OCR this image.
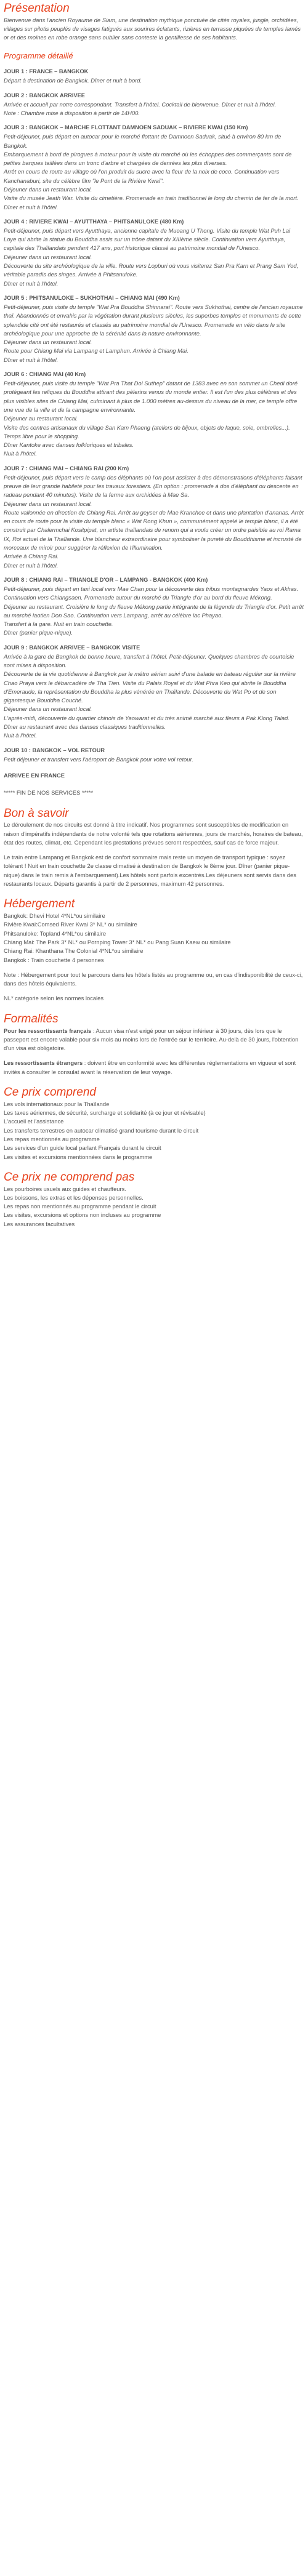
Présentation

Bienvenue dans l'ancien Royaume de Siam, une destination mythique ponctuée de cités royales, jungle, orchidées, villages sur pilotis peuplés de visages fatigués aux sourires éclatants, rizières en terrasse piquées de temples lamés or et des moines en robe orange sans oublier sans conteste la gentillesse de ses habitants.

Programme détaillé
JOUR 1 : FRANCE – BANGKOK
Départ à destination de Bangkok. Dîner et nuit à bord.
JOUR 2 : BANGKOK ARRIVEE
Arrivée et accueil par notre correspondant. Transfert à l'hôtel. Cocktail de bienvenue. Dîner et nuit à l'hôtel.
Note : Chambre mise à disposition à partir de 14H00.
JOUR 3 : BANGKOK – MARCHE FLOTTANT DAMNOEN SADUAK – RIVIERE KWAI (150 Km)
Petit-déjeuner, puis départ en autocar pour le marché flottant de Damnoen Saduak, situé à environ 80 km de Bangkok.
Embarquement à bord de pirogues à moteur pour la visite du marché où les échoppes des commerçants sont de petites barques taillées dans un tronc d'arbre et chargées de denrées les plus diverses.
Arrêt en cours de route au village où l'on produit du sucre avec la fleur de la noix de coco. Continuation vers Kanchanaburi, site du célèbre film "le Pont de la Rivière Kwaï".
Déjeuner dans un restaurant local.
Visite du musée Jeath War. Visite du cimetière. Promenade en train traditionnel le long du chemin de fer de la mort.
Dîner et nuit à l'hôtel.
JOUR 4 : RIVIERE KWAI – AYUTTHAYA – PHITSANULOKE (480 Km)
Petit-déjeuner, puis départ vers Ayutthaya, ancienne capitale de Muoang U Thong. Visite du temple Wat Puh Lai Loye qui abrite la statue du Bouddha assis sur un trône datant du XIIIème siècle. Continuation vers Ayutthaya, capitale des Thaïlandais pendant 417 ans, port historique classé au patrimoine mondial de l'Unesco.
Déjeuner dans un restaurant local.
Découverte du site archéologique de la ville. Route vers Lopburi où vous visiterez San Pra Karn et Prang Sam Yod, véritable paradis des singes. Arrivée à Phitsanuloke.
Dîner et nuit à l'hôtel.
JOUR 5 : PHITSANULOKE – SUKHOTHAI – CHIANG MAI (490 Km)
Petit-déjeuner, puis visite du temple "Wat Pra Bouddha Shinnarai". Route vers Sukhothai, centre de l'ancien royaume thaï. Abandonnés et envahis par la végétation durant plusieurs siècles, les superbes temples et monuments de cette splendide cité ont été restaurés et classés au patrimoine mondial de l'Unesco. Promenade en vélo dans le site archéologique pour une approche de la sérénité dans la nature environnante.
Déjeuner dans un restaurant local.
Route pour Chiang Mai via Lampang et Lamphun. Arrivée à Chiang Mai.
Dîner et nuit à l'hôtel.
JOUR 6 : CHIANG MAI (40 Km)
Petit-déjeuner, puis visite du temple "Wat Pra That Doi Suthep" datant de 1383 avec en son sommet un Chedi doré protégeant les reliques du Bouddha attirant des pèlerins venus du monde entier. Il est l'un des plus célèbres et des plus visibles sites de Chiang Mai, culminant à plus de 1.000 mètres au-dessus du niveau de la mer, ce temple offre une vue de la ville et de la campagne environnante.
Déjeuner au restaurant local.
Visite des centres artisanaux du village San Kam Phaeng (ateliers de bijoux, objets de laque, soie, ombrelles...). Temps libre pour le shopping.
Dîner Kantoke avec danses folkloriques et tribales.
Nuit à l'hôtel.
JOUR 7 : CHIANG MAI – CHIANG RAI (200 Km)
Petit-déjeuner, puis départ vers le camp des éléphants où l'on peut assister à des démonstrations d'éléphants faisant preuve de leur grande habileté pour les travaux forestiers. (En option : promenade à dos d'éléphant ou descente en radeau pendant 40 minutes). Visite de la ferme aux orchidées à Mae Sa.
Déjeuner dans un restaurant local.
Route vallonnée en direction de Chiang Rai. Arrêt au geyser de Mae Kranchee et dans une plantation d'ananas. Arrêt en cours de route pour la visite du temple blanc « Wat Rong Khun », communément appelé le temple blanc, il a été construit par Chalermchai Kositpipat, un artiste thaïlandais de renom qui a voulu créer un ordre paisible au roi Rama IX, Roi actuel de la Thaïlande. Une blancheur extraordinaire pour symboliser la pureté du Bouddhisme et incrusté de morceaux de miroir pour suggérer la réflexion de l'illumination.
Arrivée à Chiang Rai.
Dîner et nuit à l'hôtel.
JOUR 8 : CHIANG RAI – TRIANGLE D'OR – LAMPANG - BANGKOK (400 Km)
Petit-déjeuner, puis départ en taxi local vers Mae Chan pour la découverte des tribus montagnardes Yaos et Akhas. Continuation vers Chiangsaen. Promenade autour du marché du Triangle d'or au bord du fleuve Mékong.
Déjeuner au restaurant. Croisière le long du fleuve Mékong partie intégrante de la légende du Triangle d'or. Petit arrêt au marché laotien Don Sao. Continuation vers Lampang, arrêt au célèbre lac Phayao.
Transfert à la gare. Nuit en train couchette.
Dîner (panier pique-nique).
JOUR 9 : BANGKOK ARRIVEE – BANGKOK VISITE
Arrivée à la gare de Bangkok de bonne heure, transfert à l'hôtel. Petit-déjeuner. Quelques chambres de courtoisie sont mises à disposition.
Découverte de la vie quotidienne à Bangkok par le métro aérien suivi d'une balade en bateau régulier sur la rivière Chao Praya vers le débarcadère de Tha Tien. Visite du Palais Royal et du Wat Phra Keo qui abrite le Bouddha d'Emeraude, la représentation du Bouddha la plus vénérée en Thaïlande. Découverte du Wat Po et de son gigantesque Bouddha Couché.
Déjeuner dans un restaurant local.
L'après-midi, découverte du quartier chinois de Yaowarat et du très animé marché aux fleurs à Pak Klong Talad.
Dîner au restaurant avec des danses classiques traditionnelles.
Nuit à l'hôtel.
JOUR 10 : BANGKOK – VOL RETOUR
Petit déjeuner et transfert vers l'aéroport de Bangkok pour votre vol retour.
ARRIVEE EN FRANCE
***** FIN DE NOS SERVICES *****
Bon à savoir

Le déroulement de nos circuits est donné à titre indicatif. Nos programmes sont susceptibles de modification en raison d'impératifs indépendants de notre volonté tels que rotations aériennes, jours de marchés, horaires de bateau, état des routes, climat, etc. Cependant les prestations prévues seront respectées, sauf cas de force majeur.

Le train entre Lampang et Bangkok est de confort sommaire mais reste un moyen de transport typique : soyez tolérant ! Nuit en train couchette 2e classe climatisé à destination de Bangkok le 8ème jour. Dîner (panier pique-nique) dans le train remis à l'embarquement).Les hôtels sont parfois excentrés.Les déjeuners sont servis dans des restaurants locaux. Départs garantis à partir de 2 personnes, maximum 42 personnes.

Hébergement
Bangkok: Dhevi Hotel 4*NL*ou similaire
Rivière Kwai:Comsed River Kwai 3* NL* ou similaire
Phitsanuloke: Topland 4*NL*ou similaire
Chiang Mai: The Park 3* NL* ou Pornping Tower 3* NL* ou Pang Suan Kaew ou similaire
Chiang Rai: Khanthana The Colonial 4*NL*ou similaire
Bangkok : Train couchette 4 personnes

Note : Hébergement pour tout le parcours dans les hôtels listés au programme ou, en cas d'indisponibilité de ceux-ci, dans des hôtels équivalents.

NL* catégorie selon les normes locales

Formalités

Pour les ressortissants français : Aucun visa n'est exigé pour un séjour inférieur à 30 jours, dès lors que le passeport est encore valable pour six mois au moins lors de l'entrée sur le territoire. Au-delà de 30 jours, l'obtention d'un visa est obligatoire.

Les ressortissants étrangers : doivent être en conformité avec les différentes réglementations en vigueur et sont invités à consulter le consulat avant la réservation de leur voyage.

Ce prix comprend
Les vols internationaux pour la Thaïlande
Les taxes aériennes, de sécurité, surcharge et solidarité (à ce jour et révisable)
L'accueil et l'assistance
Les transferts terrestres en autocar climatisé grand tourisme durant le circuit
Les repas mentionnés au programme
Les services d'un guide local parlant Français durant le circuit
Les visites et excursions mentionnées dans le programme
Ce prix ne comprend pas
Les pourboires usuels aux guides et chauffeurs.
Les boissons, les extras et les dépenses personnelles.
Les repas non mentionnés au programme pendant le circuit
Les visites, excursions et options non incluses au programme
Les assurances facultatives
